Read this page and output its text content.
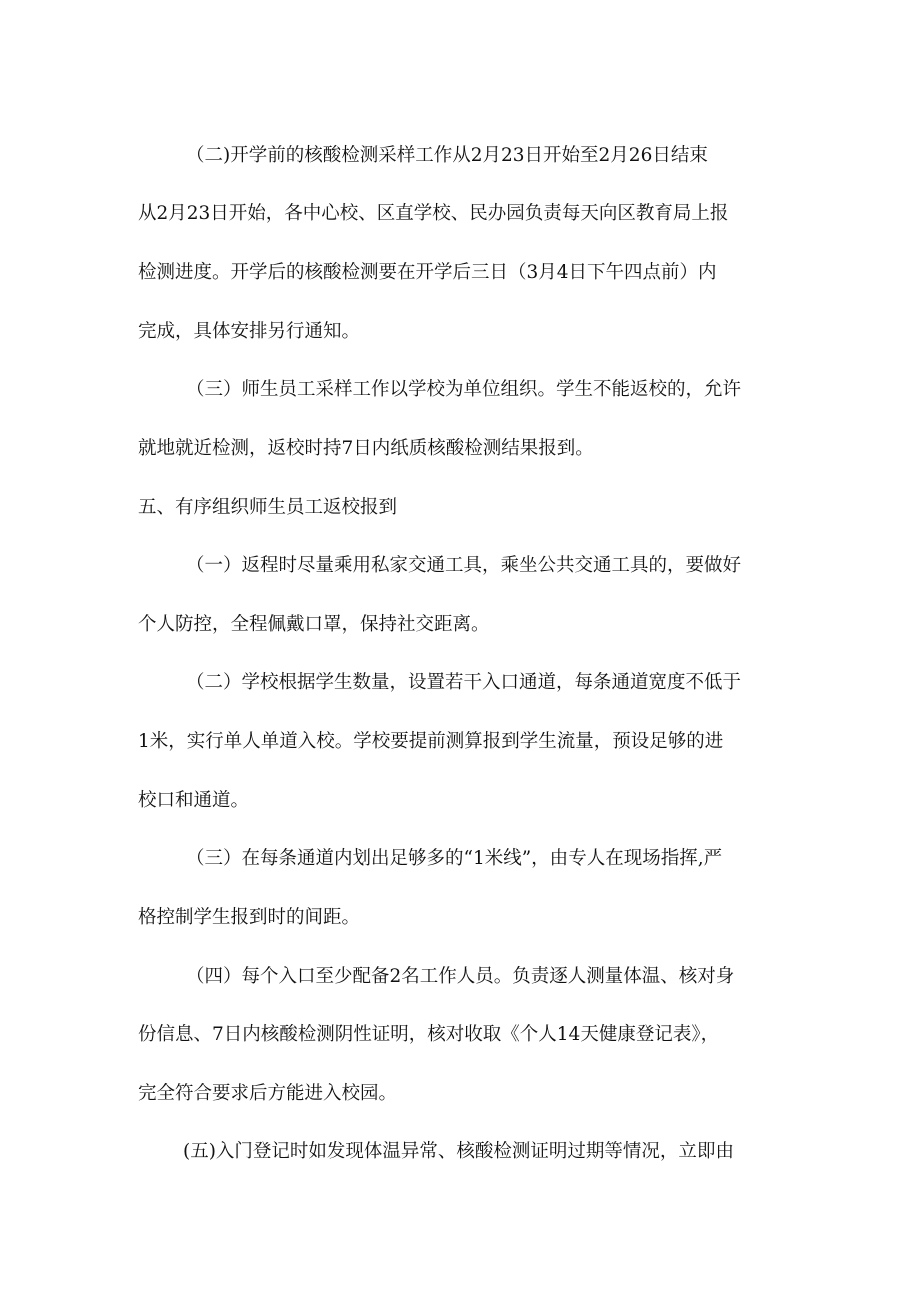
（二)开学前的核酸检测采样工作从2月23日开始至2月26日结束
从2月23日开始，各中心校、区直学校、民办园负责每天向区教育局上报
检测进度。开学后的核酸检测要在开学后三日（3月4日下午四点前）内
完成，具体安排另行通知。
（三）师生员工采样工作以学校为单位组织。学生不能返校的，允许
就地就近检测，返校时持7日内纸质核酸检测结果报到。
五、有序组织师生员工返校报到
（一）返程时尽量乘用私家交通工具，乘坐公共交通工具的，要做好
个人防控，全程佩戴口罩，保持社交距离。
（二）学校根据学生数量，设置若干入口通道，每条通道宽度不低于
1米，实行单人单道入校。学校要提前测算报到学生流量，预设足够的进
校口和通道。
（三）在每条通道内划出足够多的“1米线”，由专人在现场指挥,严
格控制学生报到时的间距。
（四）每个入口至少配备2名工作人员。负责逐人测量体温、核对身
份信息、7日内核酸检测阴性证明，核对收取《个人14天健康登记表》，
完全符合要求后方能进入校园。
(五)入门登记时如发现体温异常、核酸检测证明过期等情况，立即由
